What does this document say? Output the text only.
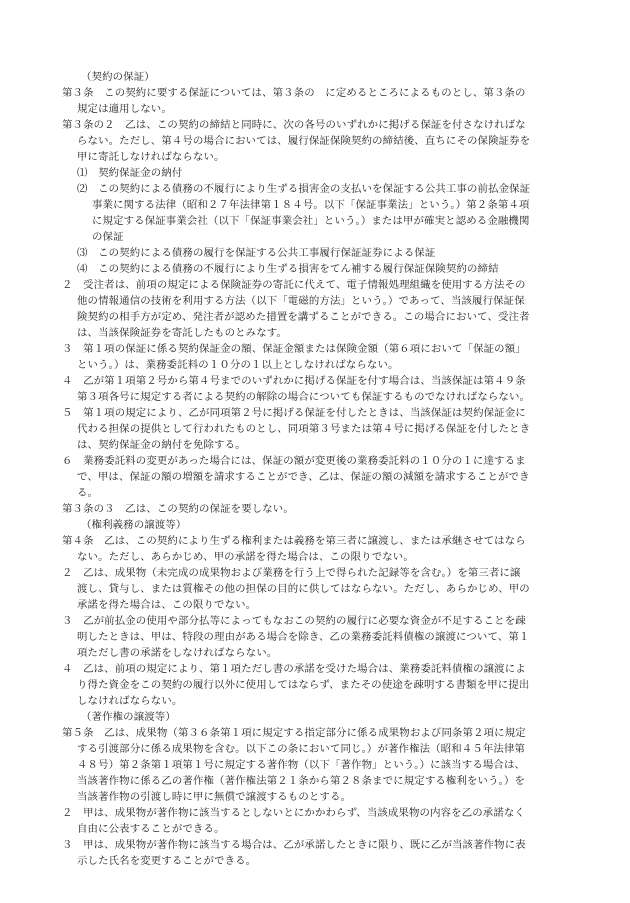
（契約の保証）
第３条　この契約に要する保証については、第３条の　に定めるところによるものとし、第３条の
規定は適用しない。
第３条の２　乙は、この契約の締結と同時に、次の各号のいずれかに掲げる保証を付さなければな
らない。ただし、第４号の場合においては、履行保証保険契約の締結後、直ちにその保険証券を
甲に寄託しなければならない。
⑴　契約保証金の納付
⑵　この契約による債務の不履行により生ずる損害金の支払いを保証する公共工事の前払金保証
事業に関する法律（昭和２７年法律第１８４号。以下「保証事業法」という。）第２条第４項
に規定する保証事業会社（以下「保証事業会社」という。）または甲が確実と認める金融機関
の保証
⑶　この契約による債務の履行を保証する公共工事履行保証証券による保証
⑷　この契約による債務の不履行により生ずる損害をてん補する履行保証保険契約の締結
２　受注者は、前項の規定による保険証券の寄託に代えて、電子情報処理組織を使用する方法その
他の情報通信の技術を利用する方法（以下「電磁的方法」という。）であって、当該履行保証保
険契約の相手方が定め、発注者が認めた措置を講ずることができる。この場合において、受注者
は、当該保険証券を寄託したものとみなす。
３　第１項の保証に係る契約保証金の額、保証金額または保険金額（第６項において「保証の額」
という。）は、業務委託料の１０分の１以上としなければならない。
４　乙が第１項第２号から第４号までのいずれかに掲げる保証を付す場合は、当該保証は第４９条
第３項各号に規定する者による契約の解除の場合についても保証するものでなければならない。
５　第１項の規定により、乙が同項第２号に掲げる保証を付したときは、当該保証は契約保証金に
代わる担保の提供として行われたものとし、同項第３号または第４号に掲げる保証を付したとき
は、契約保証金の納付を免除する。
６　業務委託料の変更があった場合には、保証の額が変更後の業務委託料の１０分の１に達するま
で、甲は、保証の額の増額を請求することができ、乙は、保証の額の減額を請求することができ
る。
第３条の３　乙は、この契約の保証を要しない。
（権利義務の譲渡等）
第４条　乙は、この契約により生ずる権利または義務を第三者に譲渡し、または承継させてはなら
ない。ただし、あらかじめ、甲の承諾を得た場合は、この限りでない。
２　乙は、成果物（未完成の成果物および業務を行う上で得られた記録等を含む。）を第三者に譲
渡し、貸与し、または質権その他の担保の目的に供してはならない。ただし、あらかじめ、甲の
承諾を得た場合は、この限りでない。
３　乙が前払金の使用や部分払等によってもなおこの契約の履行に必要な資金が不足することを疎
明したときは、甲は、特段の理由がある場合を除き、乙の業務委託料債権の譲渡について、第１
項ただし書の承諾をしなければならない。
４　乙は、前項の規定により、第１項ただし書の承諾を受けた場合は、業務委託料債権の譲渡によ
り得た資金をこの契約の履行以外に使用してはならず、またその使途を疎明する書類を甲に提出
しなければならない。
（著作権の譲渡等）
第５条　乙は、成果物（第３６条第１項に規定する指定部分に係る成果物および同条第２項に規定
する引渡部分に係る成果物を含む。以下この条において同じ。）が著作権法（昭和４５年法律第
４８号）第２条第１項第１号に規定する著作物（以下「著作物」という。）に該当する場合は、
当該著作物に係る乙の著作権（著作権法第２１条から第２８条までに規定する権利をいう。）を
当該著作物の引渡し時に甲に無償で譲渡するものとする。
２　甲は、成果物が著作物に該当するとしないとにかかわらず、当該成果物の内容を乙の承諾なく
自由に公表することができる。
３　甲は、成果物が著作物に該当する場合は、乙が承諾したときに限り、既に乙が当該著作物に表
示した氏名を変更することができる。
